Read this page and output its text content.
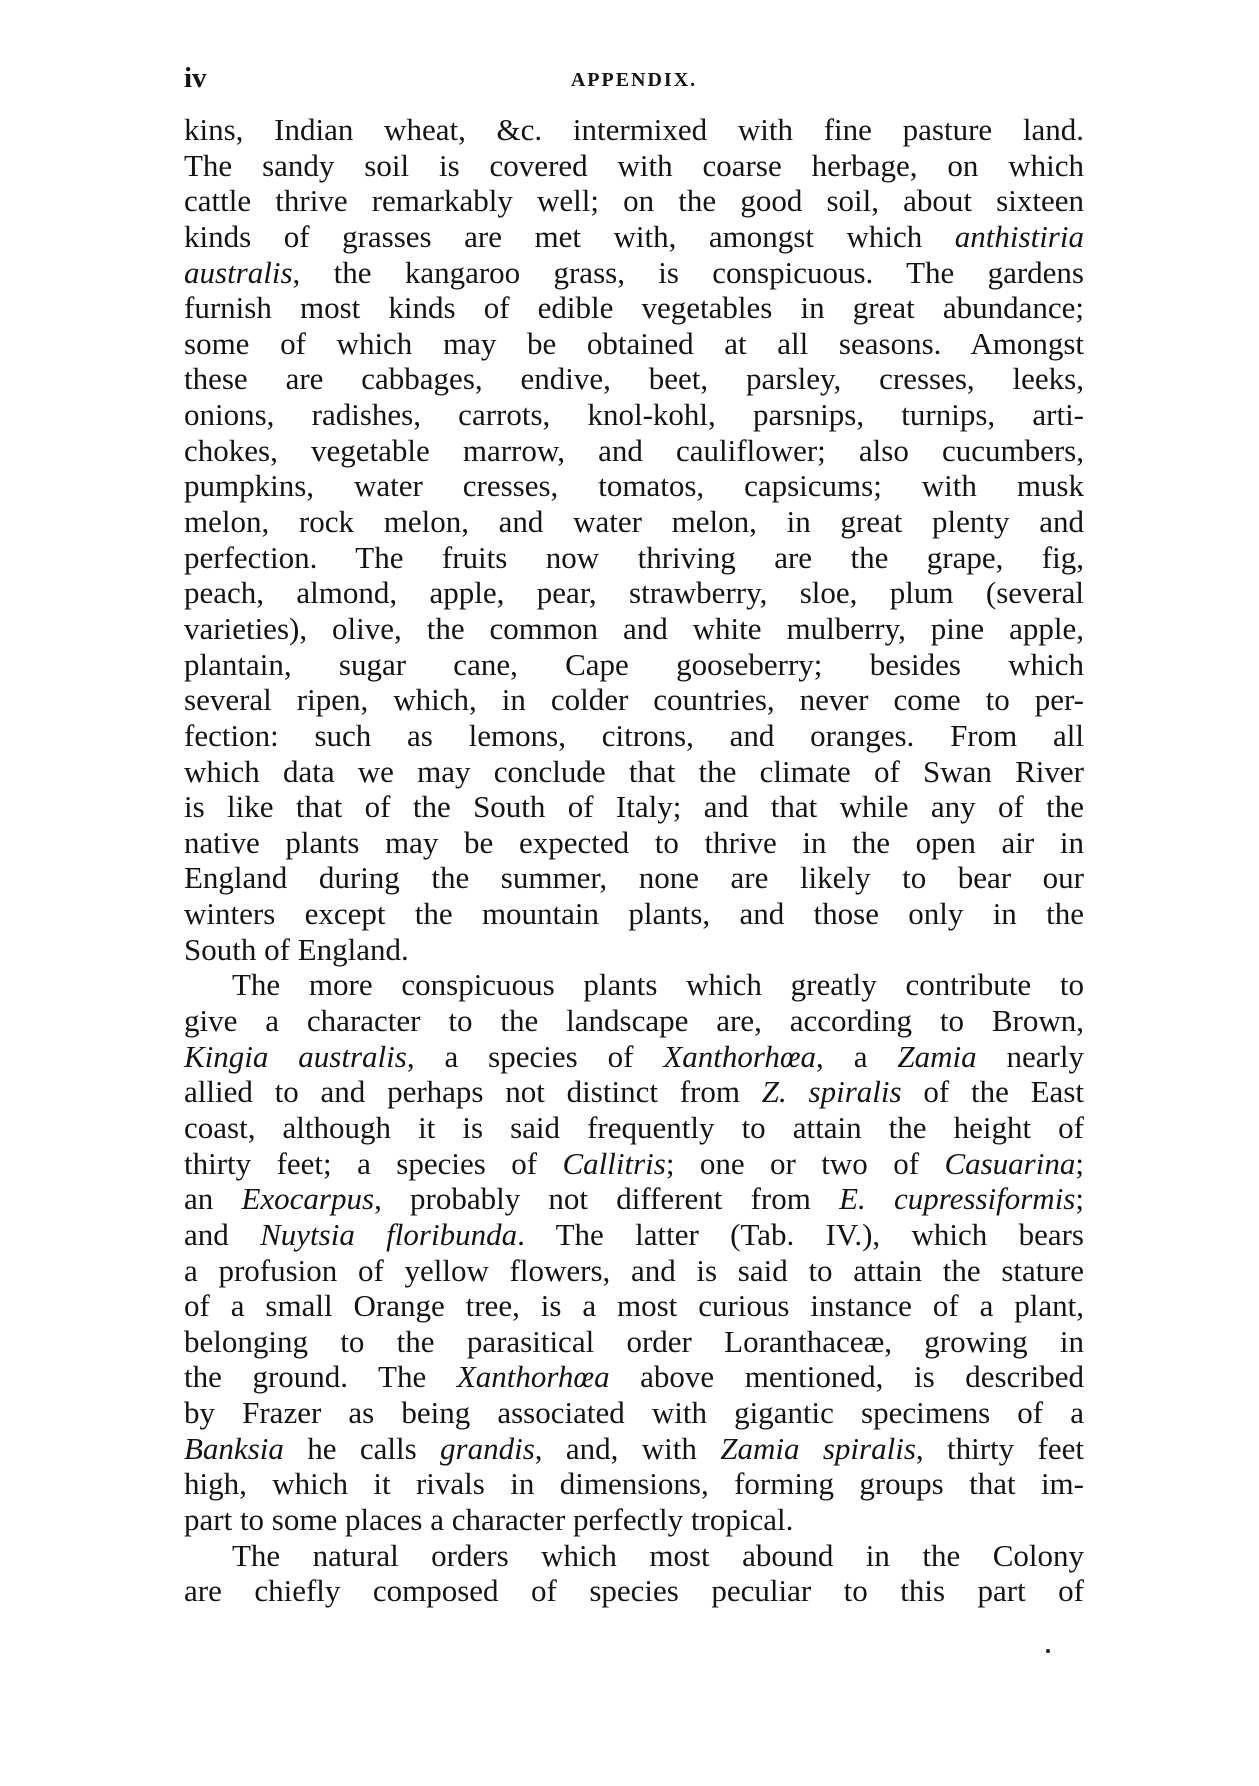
iv	APPENDIX.
kins, Indian wheat, &c. intermixed with fine pasture land.
The sandy soil is covered with coarse herbage, on which
cattle thrive remarkably well; on the good soil, about sixteen
kinds of grasses are met with, amongst which anthistiria
australis, the kangaroo grass, is conspicuous. The gardens
furnish most kinds of edible vegetables in great abundance;
some of which may be obtained at all seasons. Amongst
these are cabbages, endive, beet, parsley, cresses, leeks,
onions, radishes, carrots, knol-kohl, parsnips, turnips, arti-
chokes, vegetable marrow, and cauliflower; also cucumbers,
pumpkins, water cresses, tomatos, capsicums; with musk
melon, rock melon, and water melon, in great plenty and
perfection. The fruits now thriving are the grape, fig,
peach, almond, apple, pear, strawberry, sloe, plum (several
varieties), olive, the common and white mulberry, pine apple,
plantain, sugar cane, Cape gooseberry; besides which
several ripen, which, in colder countries, never come to per-
fection: such as lemons, citrons, and oranges. From all
which data we may conclude that the climate of Swan River
is like that of the South of Italy; and that while any of the
native plants may be expected to thrive in the open air in
England during the summer, none are likely to bear our
winters except the mountain plants, and those only in the
South of England.
The more conspicuous plants which greatly contribute to
give a character to the landscape are, according to Brown,
Kingia australis, a species of Xanthorhœa, a Zamia nearly
allied to and perhaps not distinct from Z. spiralis of the East
coast, although it is said frequently to attain the height of
thirty feet; a species of Callitris; one or two of Casuarina;
an Exocarpus, probably not different from E. cupressiformis;
and Nuytsia floribunda. The latter (Tab. IV.), which bears
a profusion of yellow flowers, and is said to attain the stature
of a small Orange tree, is a most curious instance of a plant,
belonging to the parasitical order Loranthaceæ, growing in
the ground. The Xanthorhœa above mentioned, is described
by Frazer as being associated with gigantic specimens of a
Banksia he calls grandis, and, with Zamia spiralis, thirty feet
high, which it rivals in dimensions, forming groups that im-
part to some places a character perfectly tropical.
The natural orders which most abound in the Colony
are chiefly composed of species peculiar to this part of
